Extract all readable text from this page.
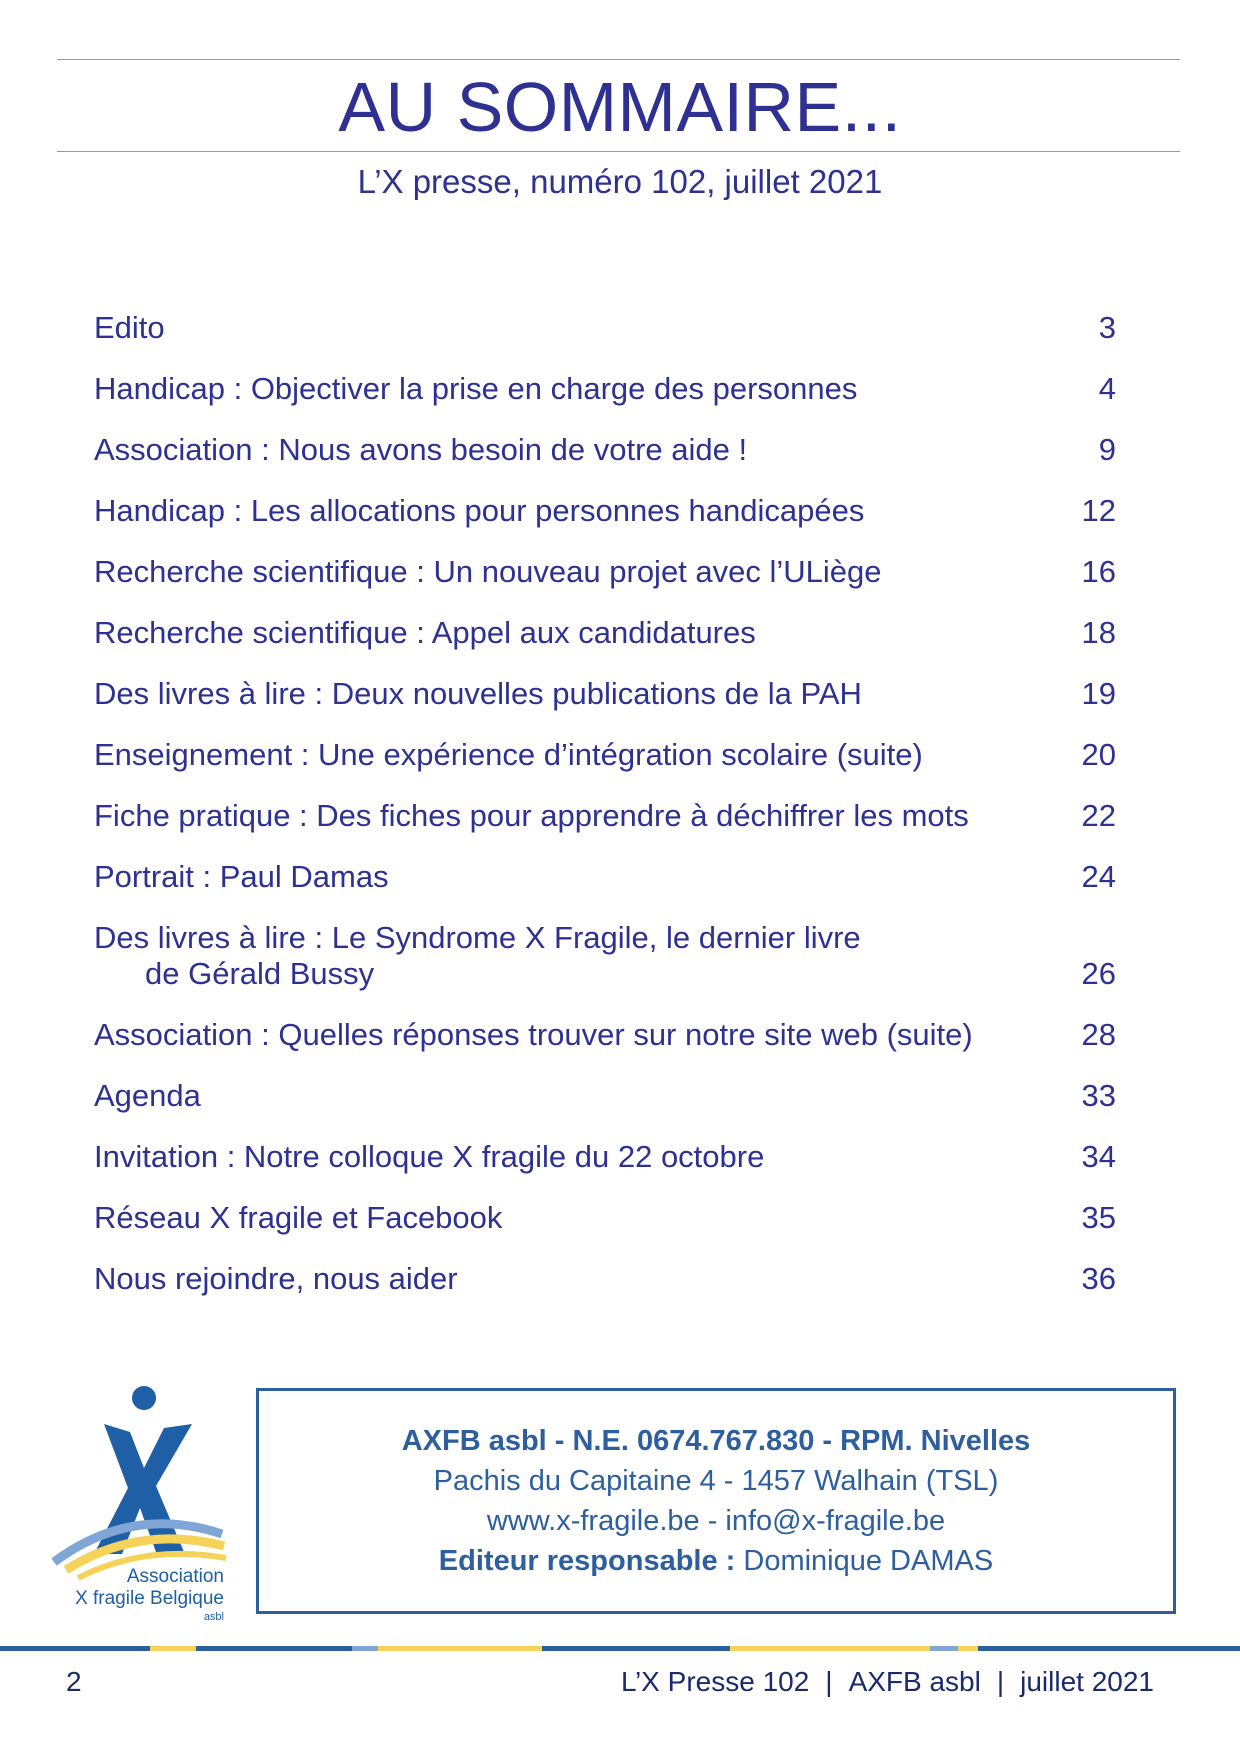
AU SOMMAIRE...
L’X presse, numéro 102, juillet 2021
Edito	3
Handicap : Objectiver la prise en charge des personnes	4
Association : Nous avons besoin de votre aide !	9
Handicap : Les allocations pour personnes handicapées	12
Recherche scientifique : Un nouveau projet avec l’ULiège	16
Recherche scientifique : Appel aux candidatures	18
Des livres à lire : Deux nouvelles publications de la PAH	19
Enseignement : Une expérience d’intégration scolaire (suite)	20
Fiche pratique : Des fiches pour apprendre à déchiffrer les mots	22
Portrait : Paul Damas	24
Des livres à lire : Le Syndrome X Fragile, le dernier livre
de Gérald Bussy	26
Association : Quelles réponses trouver sur notre site web (suite)	28
Agenda	33
Invitation : Notre colloque X fragile du 22 octobre	34
Réseau X fragile et Facebook	35
Nous rejoindre, nous aider	36
Association
X fragile Belgique
asbl
AXFB asbl - N.E. 0674.767.830 - RPM. Nivelles
Pachis du Capitaine 4 - 1457 Walhain (TSL)
www.x-fragile.be - info@x-fragile.be
Editeur responsable : Dominique DAMAS
2	L’X Presse 102 | AXFB asbl | juillet 2021
